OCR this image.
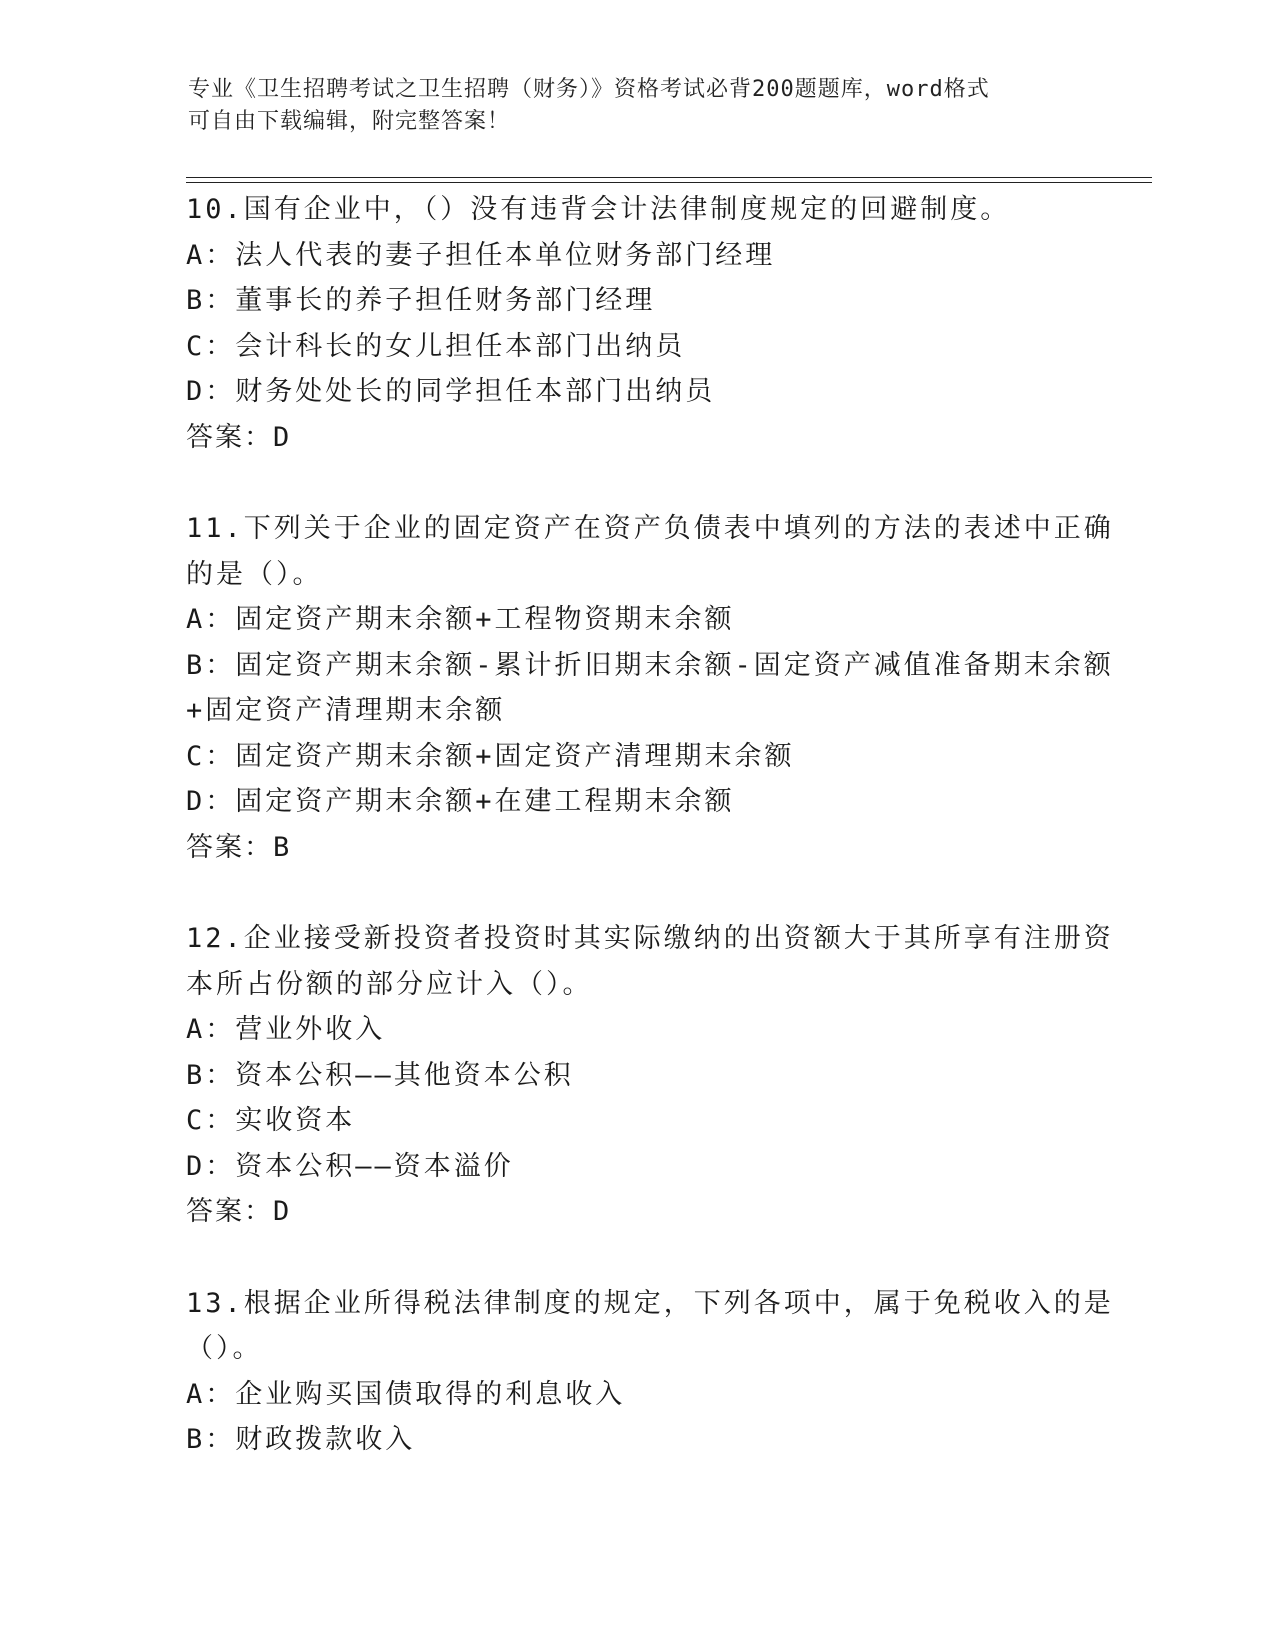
专业《卫生招聘考试之卫生招聘（财务）》资格考试必背200题题库，word格式
可自由下载编辑，附完整答案！
10.国有企业中，（）没有违背会计法律制度规定的回避制度。
A：法人代表的妻子担任本单位财务部门经理
B：董事长的养子担任财务部门经理
C：会计科长的女儿担任本部门出纳员
D：财务处处长的同学担任本部门出纳员
答案：D
11.下列关于企业的固定资产在资产负债表中填列的方法的表述中正确
的是（）。
A：固定资产期末余额+工程物资期末余额
B：固定资产期末余额-累计折旧期末余额-固定资产减值准备期末余额
+固定资产清理期末余额
C：固定资产期末余额+固定资产清理期末余额
D：固定资产期末余额+在建工程期末余额
答案：B
12.企业接受新投资者投资时其实际缴纳的出资额大于其所享有注册资
本所占份额的部分应计入（）。
A：营业外收入
B：资本公积——其他资本公积
C：实收资本
D：资本公积——资本溢价
答案：D
13.根据企业所得税法律制度的规定，下列各项中，属于免税收入的是
（）。
A：企业购买国债取得的利息收入
B：财政拨款收入
